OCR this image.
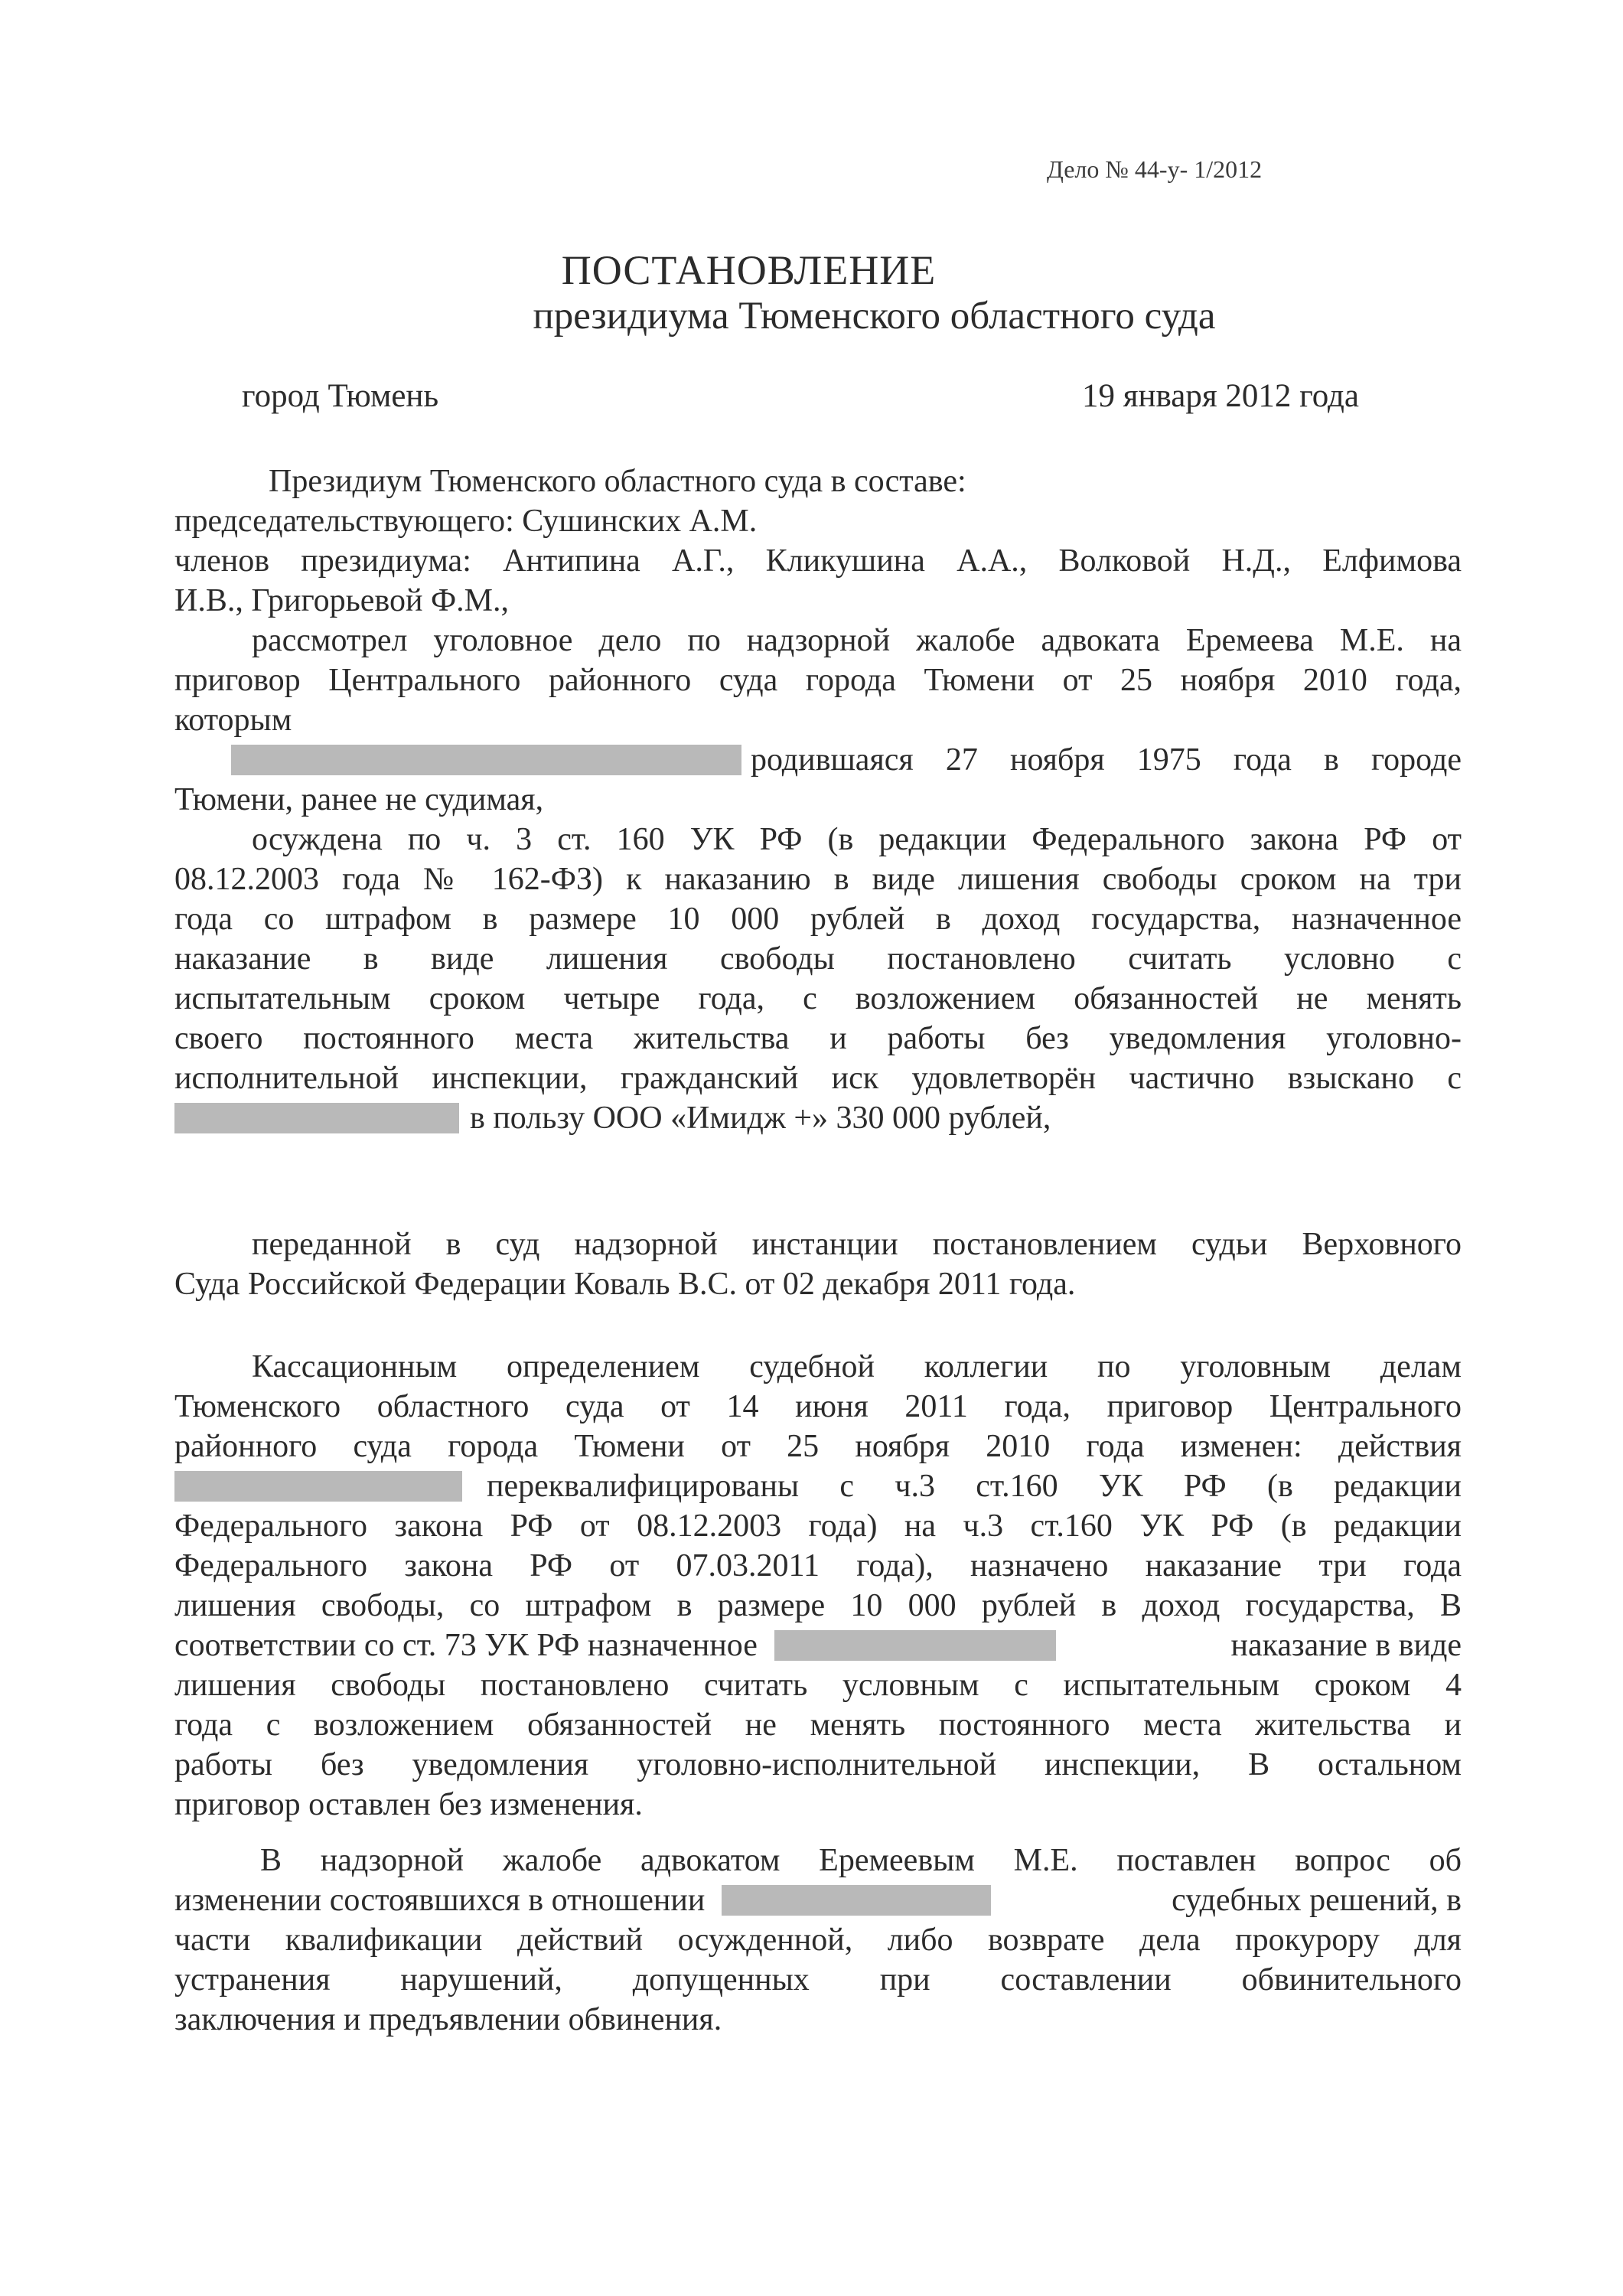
Дело № 44-у- 1/2012
ПОСТАНОВЛЕНИЕ
президиума Тюменского областного суда
город Тюмень	19 января 2012 года
Президиум Тюменского областного суда в составе:
председательствующего: Сушинских А.М.
членов президиума: Антипина А.Г., Кликушина А.А., Волковой Н.Д., Елфимова
И.В., Григорьевой Ф.М.,
рассмотрел уголовное дело по надзорной жалобе адвоката Еремеева М.Е. на
приговор Центрального районного суда города Тюмени от 25 ноября 2010 года,
которым
родившаяся 27 ноября 1975 года в городе
Тюмени, ранее не судимая,
осуждена по ч. 3 ст. 160 УК РФ (в редакции Федерального закона РФ от
08.12.2003 года № 162-ФЗ) к наказанию в виде лишения свободы сроком на три
года со штрафом в размере 10 000 рублей в доход государства, назначенное
наказание в виде лишения свободы постановлено считать условно с
испытательным сроком четыре года, с возложением обязанностей не менять
своего постоянного места жительства и работы без уведомления уголовно-
исполнительной инспекции, гражданский иск удовлетворён частично взыскано с
в пользу ООО «Имидж +» 330 000 рублей,
переданной в суд надзорной инстанции постановлением судьи Верховного
Суда Российской Федерации Коваль В.С. от 02 декабря 2011 года.
Кассационным определением судебной коллегии по уголовным делам
Тюменского областного суда от 14 июня 2011 года, приговор Центрального
районного суда города Тюмени от 25 ноября 2010 года изменен: действия
переквалифицированы с ч.3 ст.160 УК РФ (в редакции
Федерального закона РФ от 08.12.2003 года) на ч.3 ст.160 УК РФ (в редакции
Федерального закона РФ от 07.03.2011 года), назначено наказание три года
лишения свободы, со штрафом в размере 10 000 рублей в доход государства, В
соответствии со ст. 73 УК РФ назначенное	наказание в виде
лишения свободы постановлено считать условным с испытательным сроком 4
года с возложением обязанностей не менять постоянного места жительства и
работы без уведомления уголовно-исполнительной инспекции, В остальном
приговор оставлен без изменения.
В надзорной жалобе адвокатом Еремеевым М.Е. поставлен вопрос об
изменении состоявшихся в отношении	судебных решений, в
части квалификации действий осужденной, либо возврате дела прокурору для
устранения нарушений, допущенных при составлении обвинительного
заключения и предъявлении обвинения.
